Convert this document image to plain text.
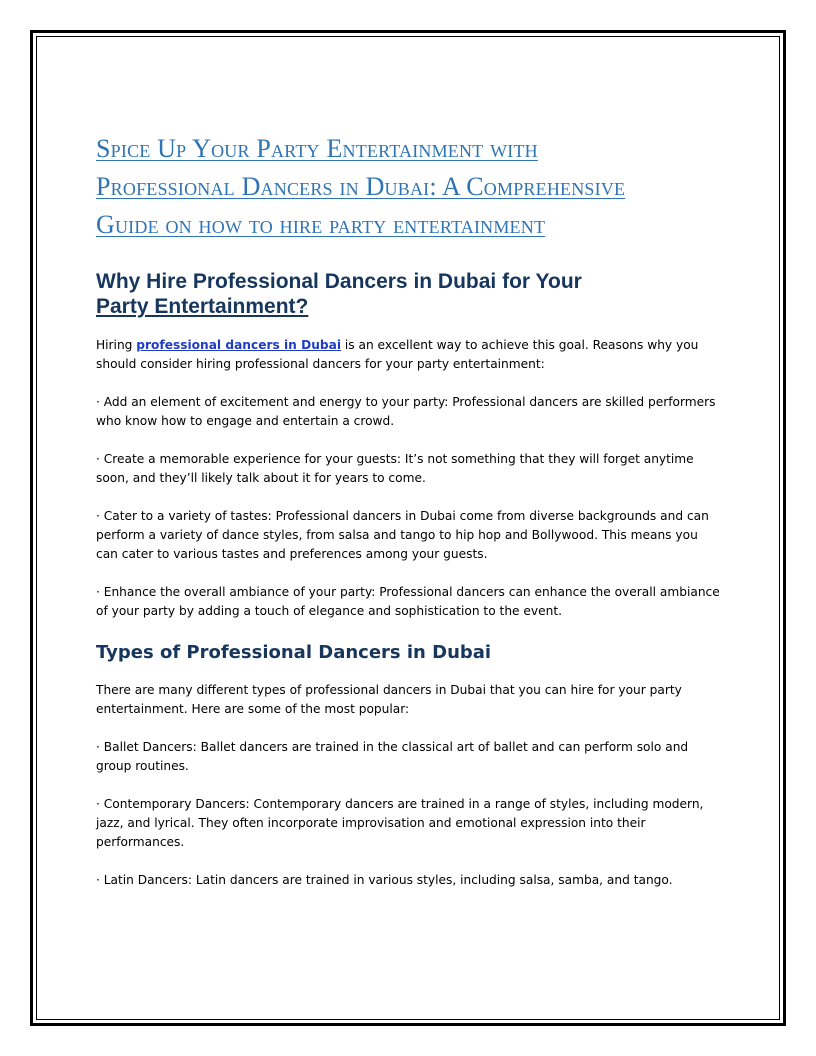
Spice Up Your Party Entertainment with
Professional Dancers in Dubai: A Comprehensive
Guide on how to hire party entertainment
Why Hire Professional Dancers in Dubai for Your
Party Entertainment?

Hiring professional dancers in Dubai is an excellent way to achieve this goal. Reasons why you should consider hiring professional dancers for your party entertainment:

· Add an element of excitement and energy to your party: Professional dancers are skilled performers who know how to engage and entertain a crowd.

· Create a memorable experience for your guests: It’s not something that they will forget anytime soon, and they’ll likely talk about it for years to come.

· Cater to a variety of tastes: Professional dancers in Dubai come from diverse backgrounds and can perform a variety of dance styles, from salsa and tango to hip hop and Bollywood. This means you can cater to various tastes and preferences among your guests.

· Enhance the overall ambiance of your party: Professional dancers can enhance the overall ambiance of your party by adding a touch of elegance and sophistication to the event.

Types of Professional Dancers in Dubai

There are many different types of professional dancers in Dubai that you can hire for your party entertainment. Here are some of the most popular:

· Ballet Dancers: Ballet dancers are trained in the classical art of ballet and can perform solo and group routines.

· Contemporary Dancers: Contemporary dancers are trained in a range of styles, including modern, jazz, and lyrical. They often incorporate improvisation and emotional expression into their performances.

· Latin Dancers: Latin dancers are trained in various styles, including salsa, samba, and tango.
